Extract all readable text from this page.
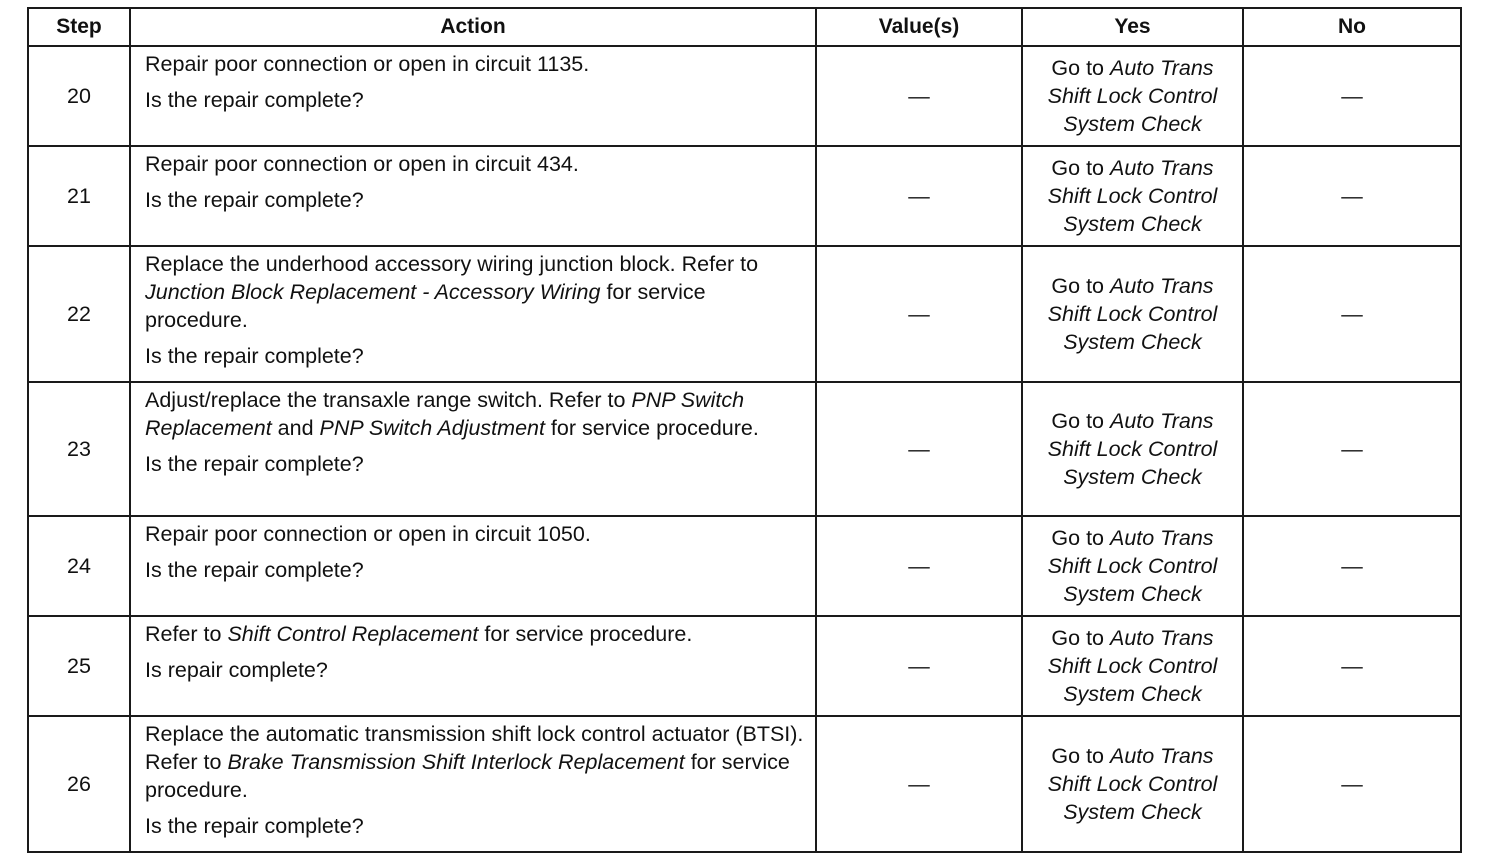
Step	Action	Value(s)	Yes	No
20	Repair poor connection or open in circuit 1135.
Is the repair complete?	—	Go to Auto Trans Shift Lock Control System Check	—
21	Repair poor connection or open in circuit 434.
Is the repair complete?	—	Go to Auto Trans Shift Lock Control System Check	—
22	Replace the underhood accessory wiring junction block. Refer to Junction Block Replacement - Accessory Wiring for service procedure.
Is the repair complete?	—	Go to Auto Trans Shift Lock Control System Check	—
23	Adjust/replace the transaxle range switch. Refer to PNP Switch Replacement and PNP Switch Adjustment for service procedure.
Is the repair complete?	—	Go to Auto Trans Shift Lock Control System Check	—
24	Repair poor connection or open in circuit 1050.
Is the repair complete?	—	Go to Auto Trans Shift Lock Control System Check	—
25	Refer to Shift Control Replacement for service procedure.
Is repair complete?	—	Go to Auto Trans Shift Lock Control System Check	—
26	Replace the automatic transmission shift lock control actuator (BTSI). Refer to Brake Transmission Shift Interlock Replacement for service procedure.
Is the repair complete?	—	Go to Auto Trans Shift Lock Control System Check	—
